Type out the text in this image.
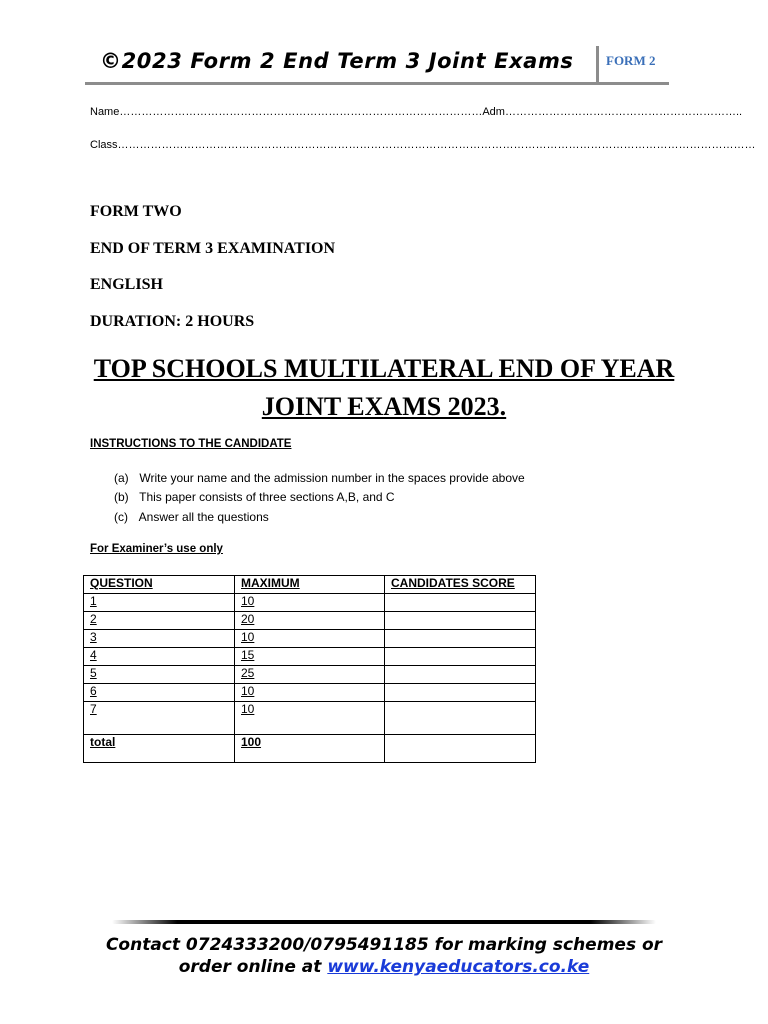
©2023 Form 2 End Term 3 Joint Exams	FORM 2
Name………………………………………………………………………………………Adm………………………………………………………..
Class…………………………………………………………………………………………………………………………………………………………
FORM TWO
END OF TERM 3 EXAMINATION
ENGLISH
DURATION: 2 HOURS
TOP SCHOOLS MULTILATERAL END OF YEAR JOINT EXAMS 2023.
INSTRUCTIONS TO THE CANDIDATE
(a) Write your name and the admission number in the spaces provide above
(b) This paper consists of three sections A,B, and C
(c) Answer all the questions
For Examiner’s use only
QUESTION	MAXIMUM	CANDIDATES SCORE
1	10	
2	20	
3	10	
4	15	
5	25	
6	10	
7	10	
total	100	
Contact 0724333200/0795491185 for marking schemes or
order online at www.kenyaeducators.co.ke
